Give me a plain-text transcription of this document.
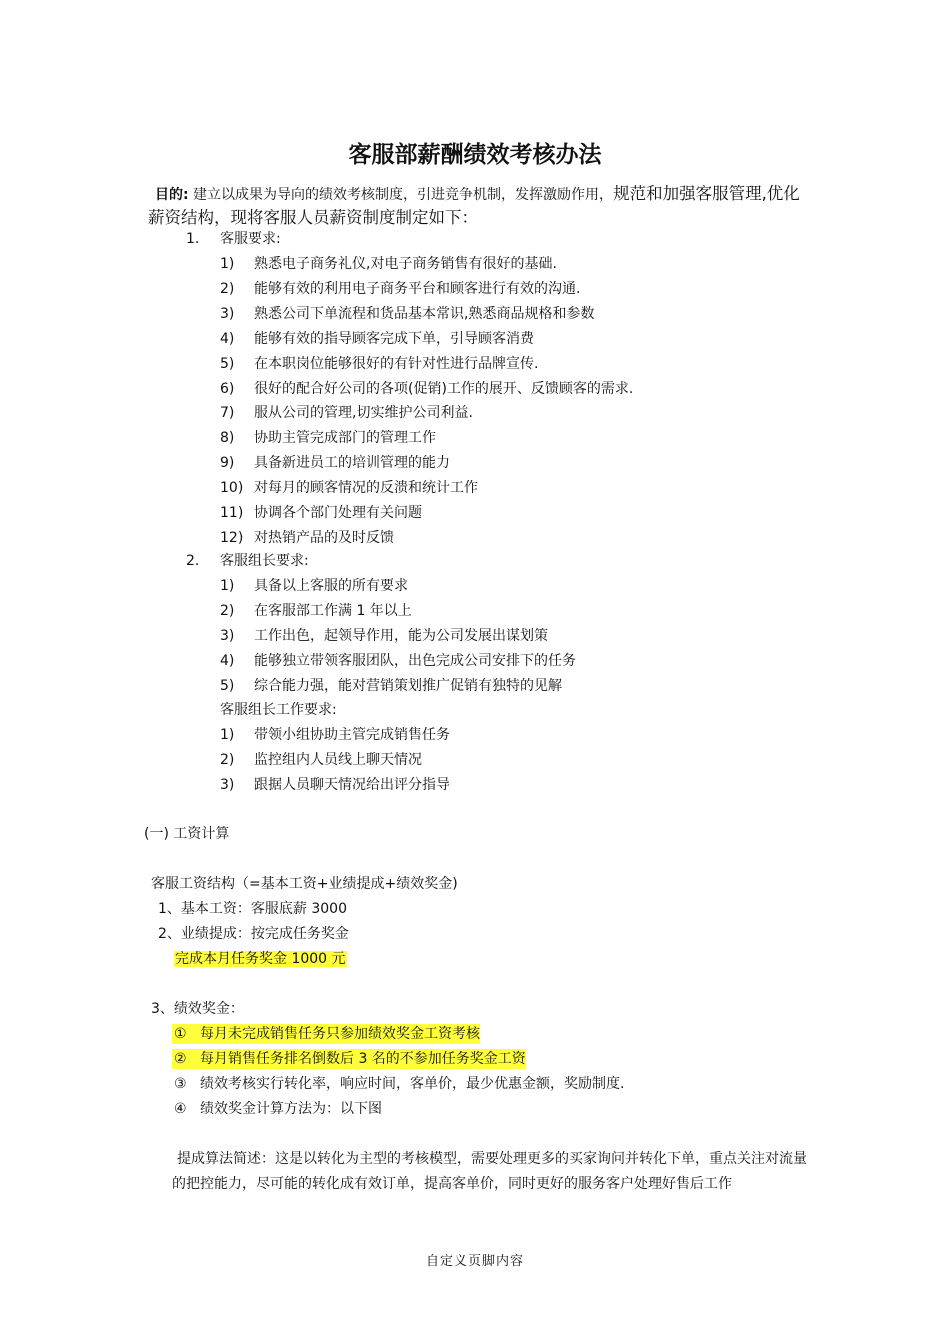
客服部薪酬绩效考核办法
目的: 建立以成果为导向的绩效考核制度，引进竞争机制，发挥激励作用，规范和加强客服管理,优化
薪资结构，现将客服人员薪资制度制定如下：
1. 客服要求:
1) 熟悉电子商务礼仪,对电子商务销售有很好的基础.
2) 能够有效的利用电子商务平台和顾客进行有效的沟通.
3) 熟悉公司下单流程和货品基本常识,熟悉商品规格和参数
4) 能够有效的指导顾客完成下单，引导顾客消费
5) 在本职岗位能够很好的有针对性进行品牌宣传.
6) 很好的配合好公司的各项(促销)工作的展开、反馈顾客的需求.
7) 服从公司的管理,切实维护公司利益.
8) 协助主管完成部门的管理工作
9) 具备新进员工的培训管理的能力
10) 对每月的顾客情况的反溃和统计工作
11) 协调各个部门处理有关问题
12) 对热销产品的及时反馈
2. 客服组长要求:
1) 具备以上客服的所有要求
2) 在客服部工作满 1 年以上
3) 工作出色，起领导作用，能为公司发展出谋划策
4) 能够独立带领客服团队，出色完成公司安排下的任务
5) 综合能力强，能对营销策划推广促销有独特的见解
客服组长工作要求:
1) 带领小组协助主管完成销售任务
2) 监控组内人员线上聊天情况
3) 跟据人员聊天情况给出评分指导
(一) 工资计算
客服工资结构（=基本工资+业绩提成+绩效奖金)
1、基本工资：客服底薪 3000
2、业绩提成：按完成任务奖金
完成本月任务奖金 1000 元
3、绩效奖金：
① 每月未完成销售任务只参加绩效奖金工资考核
② 每月销售任务排名倒数后 3 名的不参加任务奖金工资
③ 绩效考核实行转化率，响应时间，客单价，最少优惠金额，奖励制度.
④ 绩效奖金计算方法为：以下图
提成算法简述：这是以转化为主型的考核模型，需要处理更多的买家询问并转化下单，重点关注对流量
的把控能力，尽可能的转化成有效订单，提高客单价，同时更好的服务客户处理好售后工作
自定义页脚内容
